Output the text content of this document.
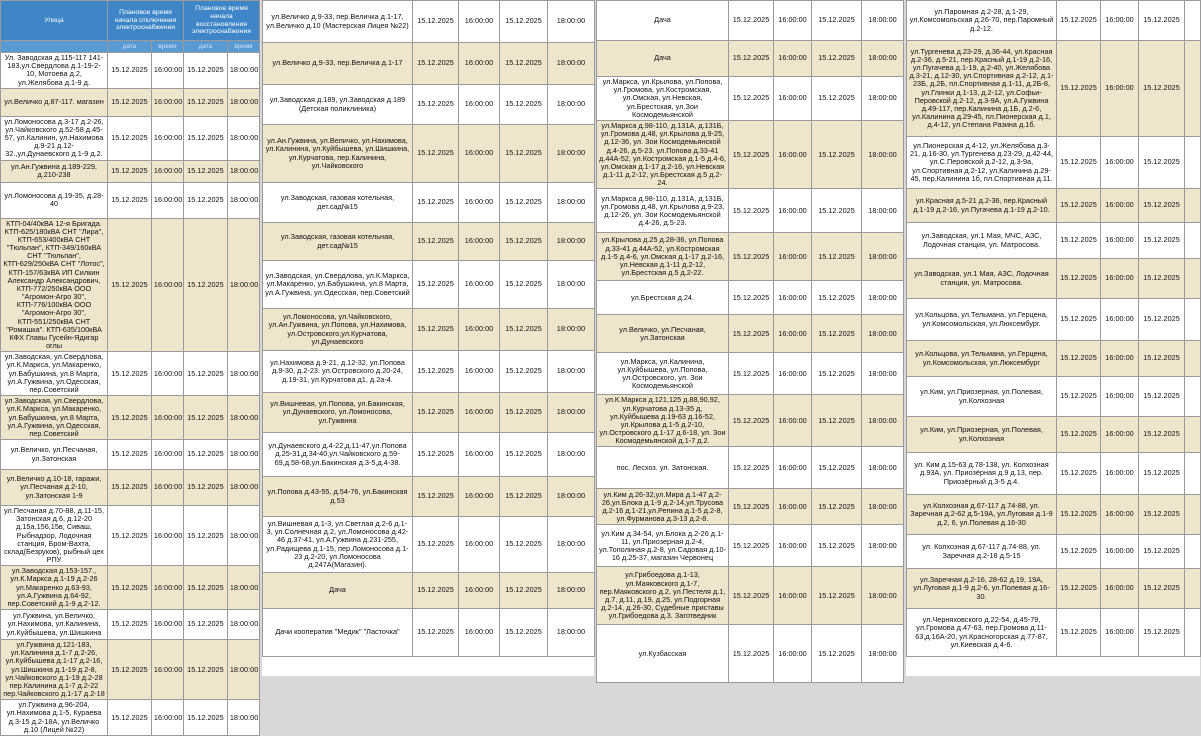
Улица	Плановое время начала отключения электроснабжения		Плановое время начала восстановления электроснабжения	
	дата	время	дата	время
Ул. Заводская д.115-117 141-183,ул.Свердлова д.1-19-2-10, Мотоева д.2, ул.Желябова д.1-9 д.	15.12.2025	16:00:00	15.12.2025	18:00:00
ул.Величко д.87-117. магазин	15.12.2025	16:00:00	15.12.2025	18:00:00
ул.Ломоносова д.3-17 д.2-26, ул.Чайковского д.52-58 д.45-57, ул.Калинин, ул.Нахимова д.9-21 д.12-32.,ул.Дунаевского д.1-9 д.2.	15.12.2025	16:00:00	15.12.2025	18:00:00
ул.Ан.Гужвина д.189-229, д.210-238	15.12.2025	16:00:00	15.12.2025	18:00:00
ул.Ломоносова д.19-35, д.28-40	15.12.2025	16:00:00	15.12.2025	18:00:00
КТП-04/40кВА 12-я Бригада. КТП-625/180кВА СНТ "Лира", КТП-653/400кВА СНТ "Тюльпан", КТП-349/160кВА СНТ "Тюльпан", КТП-629/250кВА СНТ "Лотос", КТП-157/63кВА ИП Силкин Александр Александрович, КТП-772/250кВА ООО "Агромон-Агро 30", КТП-776/100кВА ООО "Агромон-Агро 30", КТП-551/250кВА СНТ "Ромашка". КТП-635/100кВА КФХ Главы Гусейн-Ядигар оглы	15.12.2025	16:00:00	15.12.2025	18:00:00
ул.Заводская, ул.Свердлова, ул.К.Маркса, ул.Макаренко, ул.Бабушкина, ул.8 Марта, ул.А.Гужвина, ул.Одесская, пер.Советский	15.12.2025	16:00:00	15.12.2025	18:00:00
ул.Заводская, ул.Свердлова, ул.К.Маркса, ул.Макаренко, ул.Бабушкина, ул.8 Марта, ул.А.Гужвина, ул.Одесская, пер.Советский	15.12.2025	16:00:00	15.12.2025	18:00:00
ул.Величко, ул.Песчаная, ул.Затонская	15.12.2025	16:00:00	15.12.2025	18:00:00
ул.Величко д.10-18, гаражи, ул.Песчаная д.2-10, ул.Затонская 1-9	15.12.2025	16:00:00	15.12.2025	18:00:00
ул.Песчаная д.70-88, д.11-15, Затонская д.6, д.12-20 д.15а,156,15в, Сиваш, Рыбнадзор, Лодочная станция, Бром-Вахта, склад(Безруков), рыбный цех РПУ	15.12.2025	16:00:00	15.12.2025	18:00:00
ул.Заводская д.153-157., ул.К.Маркса д.1-19 д.2-26 ул.Макаренко д.63-93, ул.А.Гужвина д.64-92, пер.Советский д.1-9 д.2-12.	15.12.2025	16:00:00	15.12.2025	18:00:00
ул.Гужвина, ул.Величко, ул.Нахимова, ул.Калинина, ул.Куйбышева, ул.Шишкина	15.12.2025	16:00:00	15.12.2025	18:00:00
ул.Гужвина д.121-183, ул.Калинина д.1-7 д.2-26, ул.Куйбышева д.1-17 д.2-16, ул.Шишкина д.1-19 д.2-8, ул.Чайковского д.1-19 д.2-28 пер.Калинина д.1-7 д.2-22 пер.Чайковского д.1-17 д.2-18	15.12.2025	16:00:00	15.12.2025	18:00:00
ул.Гужвина д.96-204, ул.Нахимова д.1-5, Кураева д.3-15 д.2-18А, ул.Величко д.10 (Лицей №22)	15.12.2025	16:00:00	15.12.2025	18:00:00
ул.Величко д.9-33, пер.Величка д.1-17, ул.Величко д.10 (Мастерская Лицея №22)	15.12.2025	16:00:00	15.12.2025	18:00:00
ул.Величко д.9-33, пер.Величка д.1-17	15.12.2025	16:00:00	15.12.2025	18:00:00
ул.Заводская д.189, ул.Заводская д.189 (Детская поликлиника)	15.12.2025	16:00:00	15.12.2025	18:00:00
ул.Ан.Гужвина, ул.Величко, ул.Нахимова, ул.Калинина, ул.Куйбышева, ул.Шишкина, ул.Курчатова, пер.Калинина, ул.Чайковского	15.12.2025	16:00:00	15.12.2025	18:00:00
ул.Заводская, газовая котельная, дет.сад№15	15.12.2025	16:00:00	15.12.2025	18:00:00
ул.Заводская, газовая котельная, дет.сад№15	15.12.2025	16:00:00	15.12.2025	18:00:00
ул.Заводская, ул.Свердлова, ул.К.Маркса, ул.Макаренко, ул.Бабушкина, ул.8 Марта, ул.А.Гужвина, ул.Одесская, пер.Советский	15.12.2025	16:00:00	15.12.2025	18:00:00
ул.Ломоносова, ул.Чайковского, ул.Ан.Гужвина, ул.Попова, ул.Нахимова, ул.Островского,ул.Курчатова, ул.Дунаевского	15.12.2025	16:00:00	15.12.2025	18:00:00
ул.Нахимова д.9-21, д.12-32, ул.Попова д.9-30, д.2-23. ул.Островского д.20-24, д.19-31, ул.Курчатова д1, д.2а-4.	15.12.2025	16:00:00	15.12.2025	18:00:00
ул.Вишневая, ул.Попова, ул.Бакинская, ул.Дунаевского, ул.Ломоносова, ул.Гужвина	15.12.2025	16:00:00	15.12.2025	18:00:00
ул.Дунаевского д.4-22,д.11-47,ул.Попова д.25-31,д.34-40,ул.Чайковского д.59-69,д.58-68,ул.Бакинская д.3-5,д.4-38.	15.12.2025	16:00:00	15.12.2025	18:00:00
ул.Попова д.43-55, д.54-76, ул.Бакинская д.53	15.12.2025	16:00:00	15.12.2025	18:00:00
ул.Вишневая д.1-3, ул.Светлая д.2-6 д.1-3, ул.Солнечная д.2, ул.Ломоносова д.42-46 д.37-41, ул.А.Гужвина д.231-255, ул.Радищева д.1-15, пер.Ломоносова д.1-23 д.2-20, ул.Ломоносова д.247А(Магазин).	15.12.2025	16:00:00	15.12.2025	18:00:00
Дача	15.12.2025	16:00:00	15.12.2025	18:00:00
Дачи кооператив "Медик" "Ласточка"	15.12.2025	16:00:00	15.12.2025	18:00:00
Дача	15.12.2025	16:00:00	15.12.2025	18:00:00
Дача	15.12.2025	16:00:00	15.12.2025	18:00:00
ул.Маркса, ул.Крылова, ул.Попова, ул.Громова, ул.Костромская, ул.Омская, ул.Невская, ул.Брестская, ул.Зои Космодемьянской	15.12.2025	16:00:00	15.12.2025	18:00:00
ул.Маркса д.98-110, д.131А, д.131Б, ул.Громова д.48, ул.Крылова д.9-25, д.12-36, ул. Зои Космодемьянской д.4-26, д.5-23. ул.Попова д.33-41 д.44А-52, ул.Костромская д.1-5 д.4-6, ул.Омская д.1-17 д.2-16, ул.Невская д.1-11 д.2-12, ул.Брестская д.5 д.2-24.	15.12.2025	16:00:00	15.12.2025	18:00:00
ул.Маркса д.98-110, д.131А, д.131Б, ул.Громова д.48, ул.Крылова д.9-23, д.12-26, ул. Зои Космодемьянской д.4-26, д.5-23.	15.12.2025	16:00:00	15.12.2025	18:00:00
ул.Крылова д.25 д.28-36, ул.Попова д.33-41 д.44А-52, ул.Костромская д.1-5 д.4-6, ул.Омская д.1-17 д.2-16, ул.Невская д.1-11 д.2-12, ул.Брестская д.5 д.2-22.	15.12.2025	16:00:00	15.12.2025	18:00:00
ул.Брестская д.24.	15.12.2025	16:00:00	15.12.2025	18:00:00
ул.Величко, ул.Песчаная, ул.Затонская	15.12.2025	16:00:00	15.12.2025	18:00:00
ул.Маркса, ул.Калинина, ул.Куйбышева, ул.Попова, ул.Островского, ул. Зои Космодемьянской	15.12.2025	16:00:00	15.12.2025	18:00:00
ул.К.Маркса д.121,125 д.88,90,92, ул.Курчатова д.13-35 д, ул.Куйбышева д.19-63 д.16-52, ул.Крылова д.1-5 д.2-10, ул.Островского д.1-17 д.6-18, ул. Зои Космодемьянской д.1-7 д.2.	15.12.2025	16:00:00	15.12.2025	18:00:00
пос. Лесхоз. ул. Затонская.	15.12.2025	16:00:00	15.12.2025	18:00:00
ул.Ким д.26-32,ул.Мира д.1-47 д.2-26,ул.Блока д.1-9 д.2-14,ул.Трусова д.2-16 д.1-21,ул.Репина д.1-5 д.2-8, ул.Фурманова д.3-13 д.2-8.	15.12.2025	16:00:00	15.12.2025	18:00:00
ул.Ким д.34-54, ул.Блока д.2-26 д.1-11, ул.Приозерная д.2-4, ул.Тополиная д.2-8, ул.Садовая д.10-16 д.25-37, магазин Червонец	15.12.2025	16:00:00	15.12.2025	18:00:00
ул.Грибоедова д.1-13, ул.Маяковского д.1-7, пер.Маяковского д.2, ул.Пестеля д.1, д.7, д.11, д.19, д.25, ул.Подгорная д.2-14, д.26-30, Судебные приставы ул.Грибоедова д.3. Заготведник	15.12.2025	16:00:00	15.12.2025	18:00:00
ул.Кузбасская	15.12.2025	16:00:00	15.12.2025	18:00:00
ул.Паромная д.2-28, д.1-29, ул.Комсомольская д.26-70, пер.Паромный д.2-12.	15.12.2025	16:00:00	15.12.2025	
ул.Тургенева д.23-29, д.36-44, ул.Красная д.2-36, д.5-21, пер.Красный д.1-19 д.2-16, ул.Пугачева д.1-19, д.2-40, ул.Желябова д.3-21, д.12-30, ул.Спортивная д.2-12, д.1-23Б, д.2Б, пл.Спортивная д.1-11, д.2Б-8, ул.Глинки д.1-13, д.2-12, ул.Софьи-Перовской д.2-12, д.3-9А, ул.А.Гужвина д.49-117, пер.Калинина д.1Б, д.2-6, ул.Калинина д.29-45, пл.Пионерская д.1, д.4-12, ул.Степана Разина д.1б.	15.12.2025	16:00:00	15.12.2025	
ул.Пионерская д.4-12, ул.Желябова д.3-21, д.16-30, ул.Тургенева д.23-29, д.42-44, ул.С.Перовской д.2-12, д.3-9а, ул.Спортивная д.2-12, ул.Калинина д.29-45, пер.Калинина 1б, пл.Спортивная д.11.	15.12.2025	16:00:00	15.12.2025	
ул.Красная д.5-21 д.2-36, пер.Красный д.1-19 д.2-16, ул.Пугачева д.1-19 д.2-10.	15.12.2025	16:00:00	15.12.2025	
ул.Заводская, ул.1 Мая, МЧС, АЗС, Лодочная станция, ул. Матросова.	15.12.2025	16:00:00	15.12.2025	
ул.Заводская, ул.1 Мая, АЗС, Лодочная станция, ул. Матросова.	15.12.2025	16:00:00	15.12.2025	
ул.Кольцова, ул.Тельмана, ул.Герцена, ул.Комсомольская, ул.Люксембург.	15.12.2025	16:00:00	15.12.2025	
ул.Кольцова, ул.Тельмана, ул.Герцена, ул.Комсомольская, ул.Люксембург	15.12.2025	16:00:00	15.12.2025	
ул.Ким, ул.Приозерная, ул.Полевая, ул.Колхозная	15.12.2025	16:00:00	15.12.2025	
ул.Ким, ул.Приозерная, ул.Полевая, ул.Колхозная	15.12.2025	16:00:00	15.12.2025	
ул. Ким д.15-63 д.78-138, ул. Колхозная д.93А, ул. Приозёрная д.9 д.13, пер. Приозёрный д.3-5 д.4.	15.12.2025	16:00:00	15.12.2025	
ул.Колхозная д.67-117 д.74-88, ул. Заречная д.2-62 д.5-19А, ул.Луговая д.1-9 д.2, 6, ул.Полевая д.16-30	15.12.2025	16:00:00	15.12.2025	
ул. Колхозная д.67-117 д.74-88, ул. Заречная д.2-18 д.5-15	15.12.2025	16:00:00	15.12.2025	
ул.Заречная д.2-16, 28-62 д.19, 19А, ул.Луговая д.1-9 д.2-6, ул.Полевая д.16-30.	15.12.2025	16:00:00	15.12.2025	
ул.Черняховского д.22-54, д.45-79, ул.Громова д.47-63, пер.Громова д.11-63,д.16А-20, ул.Красногорская д.77-87, ул.Киевская д.4-6.	15.12.2025	16:00:00	15.12.2025	
